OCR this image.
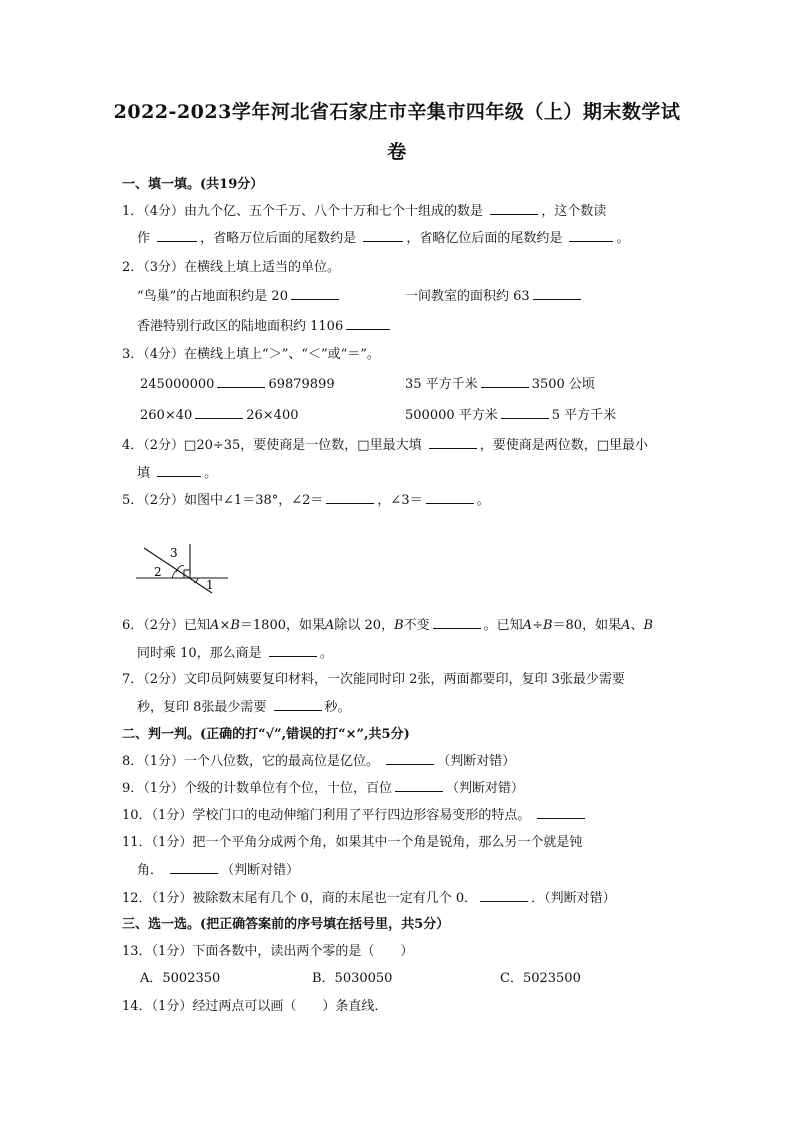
2022-2023学年河北省石家庄市辛集市四年级（上）期末数学试
卷
一、填一填。(共19分）
1．（4分）由九个亿、五个千万、八个十万和七个十组成的数是	，这个数读
作	，省略万位后面的尾数约是	，省略亿位后面的尾数约是	。
2．（3分）在横线上填上适当的单位。
“鸟巢”的占地面积约是 20	一间教室的面积约 63
香港特别行政区的陆地面积约 1106
3．（4分）在横线上填上“＞”、“＜”或“＝”。
245000000	69879899	35 平方千米	3500 公顷
260×40	26×400	500000 平方米	5 平方千米
4．（2分）□20÷35，要使商是一位数，□里最大填	，要使商是两位数，□里最小
填	。
5．（2分）如图中∠1＝38°，∠2＝	，∠3＝	。
3
2
1
6．（2分）已知A×B＝1800，如果A除以 20，B不变	。已知A÷B＝80，如果A、B
同时乘 10，那么商是	。
7．（2分）文印员阿姨要复印材料，一次能同时印 2张，两面都要印，复印 3张最少需要
秒，复印 8张最少需要	秒。
二、判一判。(正确的打“√”,错误的打“×”,共5分)
8．（1分）一个八位数，它的最高位是亿位。	（判断对错）
9．（1分）个级的计数单位有个位，十位，百位	（判断对错）
10．（1分）学校门口的电动伸缩门利用了平行四边形容易变形的特点。
11．（1分）把一个平角分成两个角，如果其中一个角是锐角，那么另一个就是钝
角．	（判断对错）
12．（1分）被除数末尾有几个 0，商的末尾也一定有几个 0．	．（判断对错）
三、选一选。(把正确答案前的序号填在括号里，共5分）
13．（1分）下面各数中，读出两个零的是（　　）
A．5002350	B．5030050	C．5023500
14．（1分）经过两点可以画（　　）条直线．
